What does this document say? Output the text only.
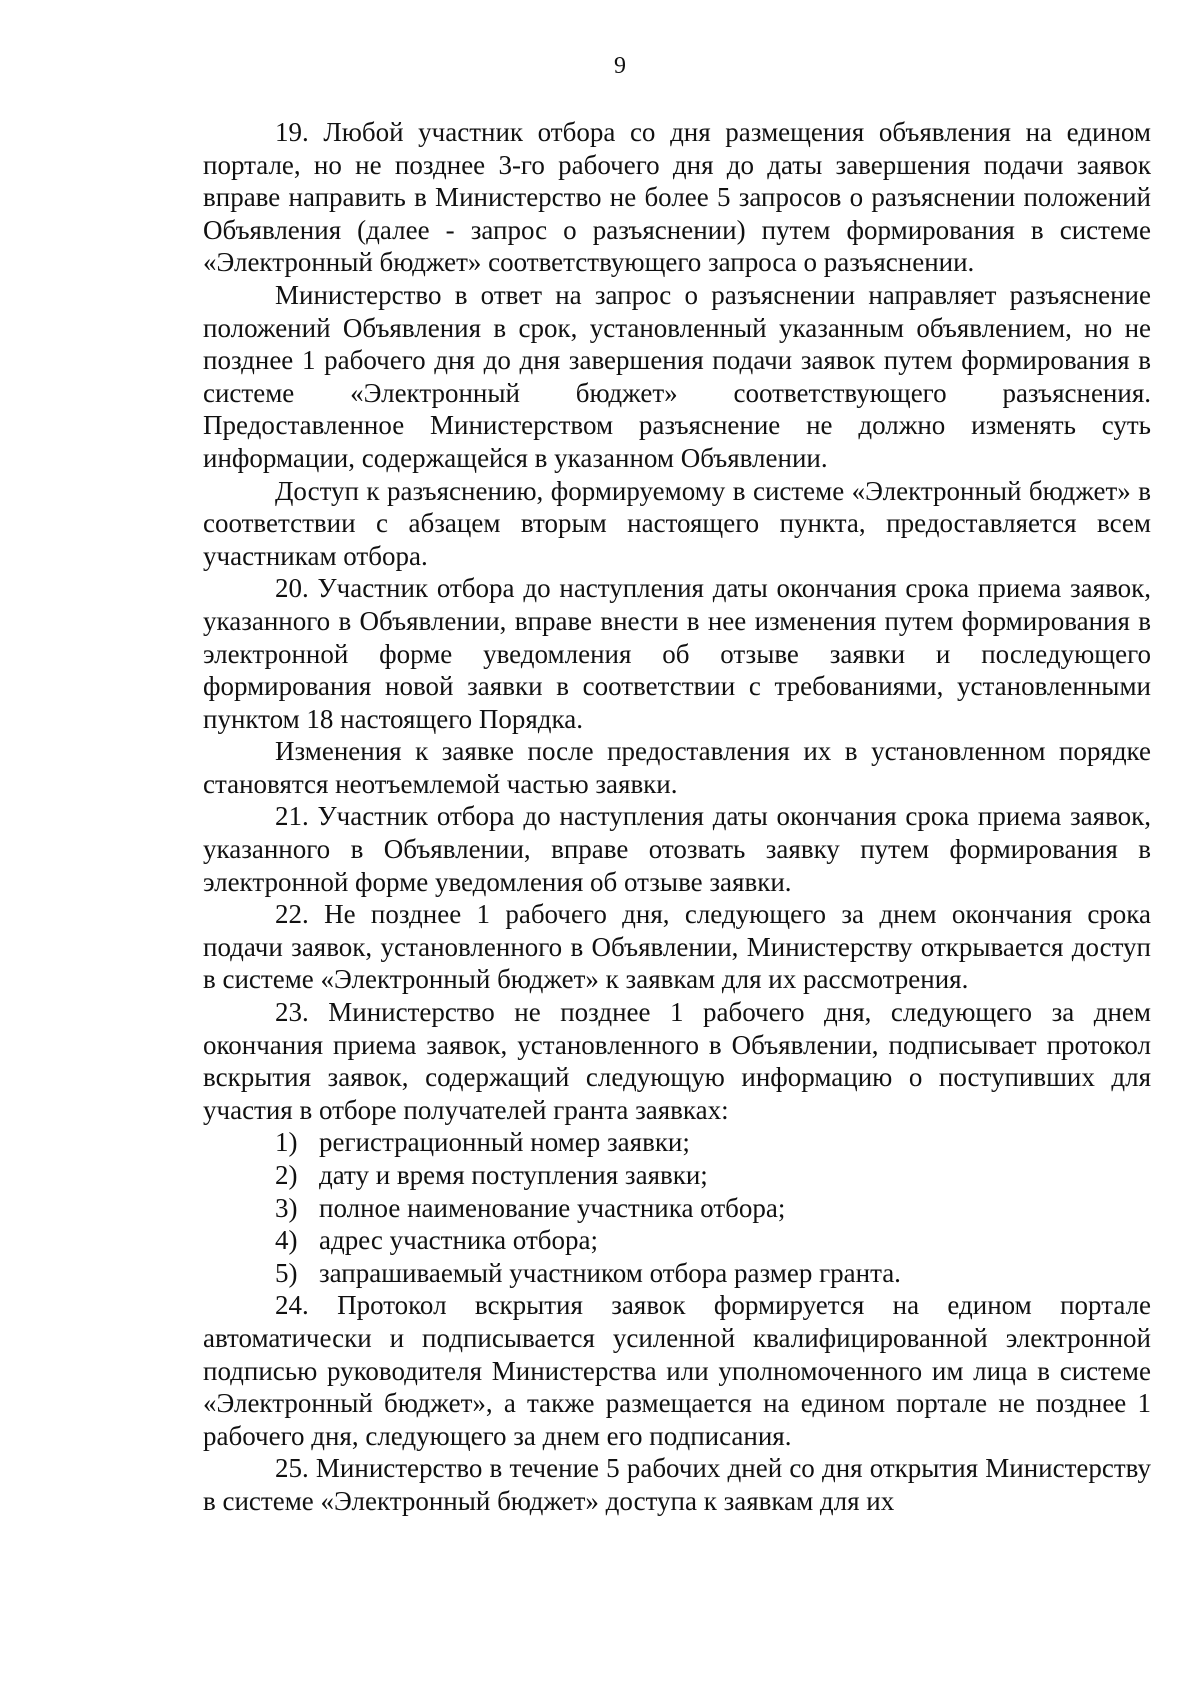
9

19. Любой участник отбора со дня размещения объявления на едином портале, но не позднее 3-го рабочего дня до даты завершения подачи заявок вправе направить в Министерство не более 5 запросов о разъяснении положений Объявления (далее - запрос о разъяснении) путем формирования в системе «Электронный бюджет» соответствующего запроса о разъяснении.

Министерство в ответ на запрос о разъяснении направляет разъяснение положений Объявления в срок, установленный указанным объявлением, но не позднее 1 рабочего дня до дня завершения подачи заявок путем формирования в системе «Электронный бюджет» соответствующего разъяснения. Предоставленное Министерством разъяснение не должно изменять суть информации, содержащейся в указанном Объявлении.

Доступ к разъяснению, формируемому в системе «Электронный бюджет» в соответствии с абзацем вторым настоящего пункта, предоставляется всем участникам отбора.

20. Участник отбора до наступления даты окончания срока приема заявок, указанного в Объявлении, вправе внести в нее изменения путем формирования в электронной форме уведомления об отзыве заявки и последующего формирования новой заявки в соответствии с требованиями, установленными пунктом 18 настоящего Порядка.

Изменения к заявке после предоставления их в установленном порядке становятся неотъемлемой частью заявки.

21. Участник отбора до наступления даты окончания срока приема заявок, указанного в Объявлении, вправе отозвать заявку путем формирования в электронной форме уведомления об отзыве заявки.

22. Не позднее 1 рабочего дня, следующего за днем окончания срока подачи заявок, установленного в Объявлении, Министерству открывается доступ в системе «Электронный бюджет» к заявкам для их рассмотрения.

23. Министерство не позднее 1 рабочего дня, следующего за днем окончания приема заявок, установленного в Объявлении, подписывает протокол вскрытия заявок, содержащий следующую информацию о поступивших для участия в отборе получателей гранта заявках:

1) регистрационный номер заявки;
2) дату и время поступления заявки;
3) полное наименование участника отбора;
4) адрес участника отбора;
5) запрашиваемый участником отбора размер гранта.

24. Протокол вскрытия заявок формируется на едином портале автоматически и подписывается усиленной квалифицированной электронной подписью руководителя Министерства или уполномоченного им лица в системе «Электронный бюджет», а также размещается на едином портале не позднее 1 рабочего дня, следующего за днем его подписания.

25. Министерство в течение 5 рабочих дней со дня открытия Министерству в системе «Электронный бюджет» доступа к заявкам для их
